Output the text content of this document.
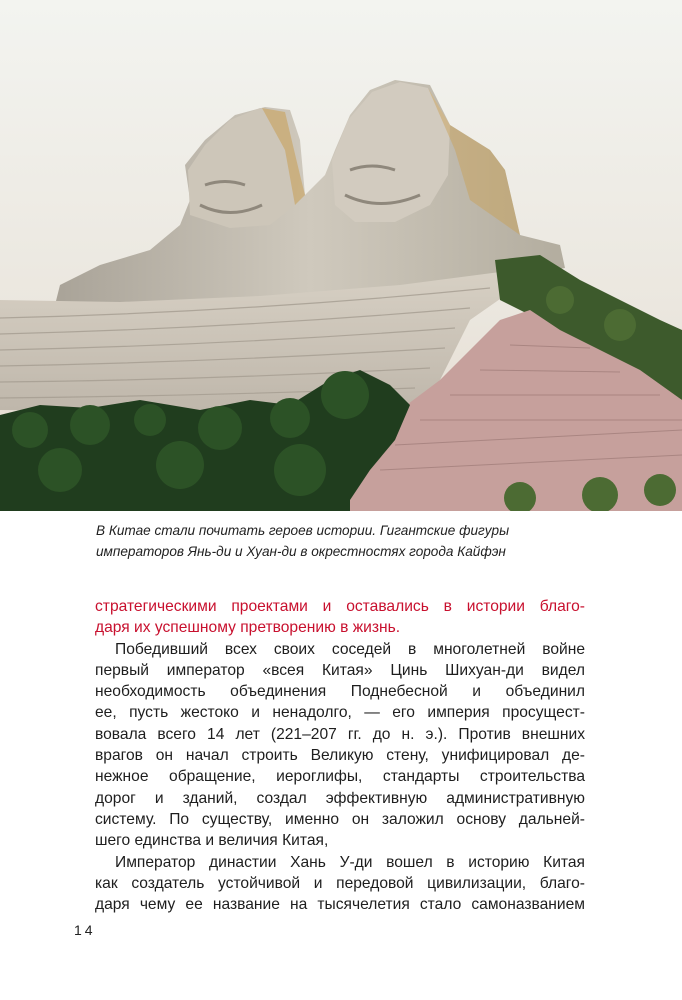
В Китае стали почитать героев истории. Гигантские фигуры
императоров Янь-ди и Хуан-ди в окрестностях города Кайфэн
стратегическими проектами и оставались в истории благо-
даря их успешному претворению в жизнь.
Победивший всех своих соседей в многолетней войне
первый император «всея Китая» Цинь Шихуан-ди видел
необходимость объединения Поднебесной и объединил
ее, пусть жестоко и ненадолго, — его империя просущест-
вовала всего 14 лет (221–207 гг. до н. э.). Против внешних
врагов он начал строить Великую стену, унифицировал де-
нежное обращение, иероглифы, стандарты строительства
дорог и зданий, создал эффективную административную
систему. По существу, именно он заложил основу дальней-
шего единства и величия Китая,
Император династии Хань У-ди вошел в историю Китая
как создатель устойчивой и передовой цивилизации, благо-
даря чему ее название на тысячелетия стало самоназванием
14
